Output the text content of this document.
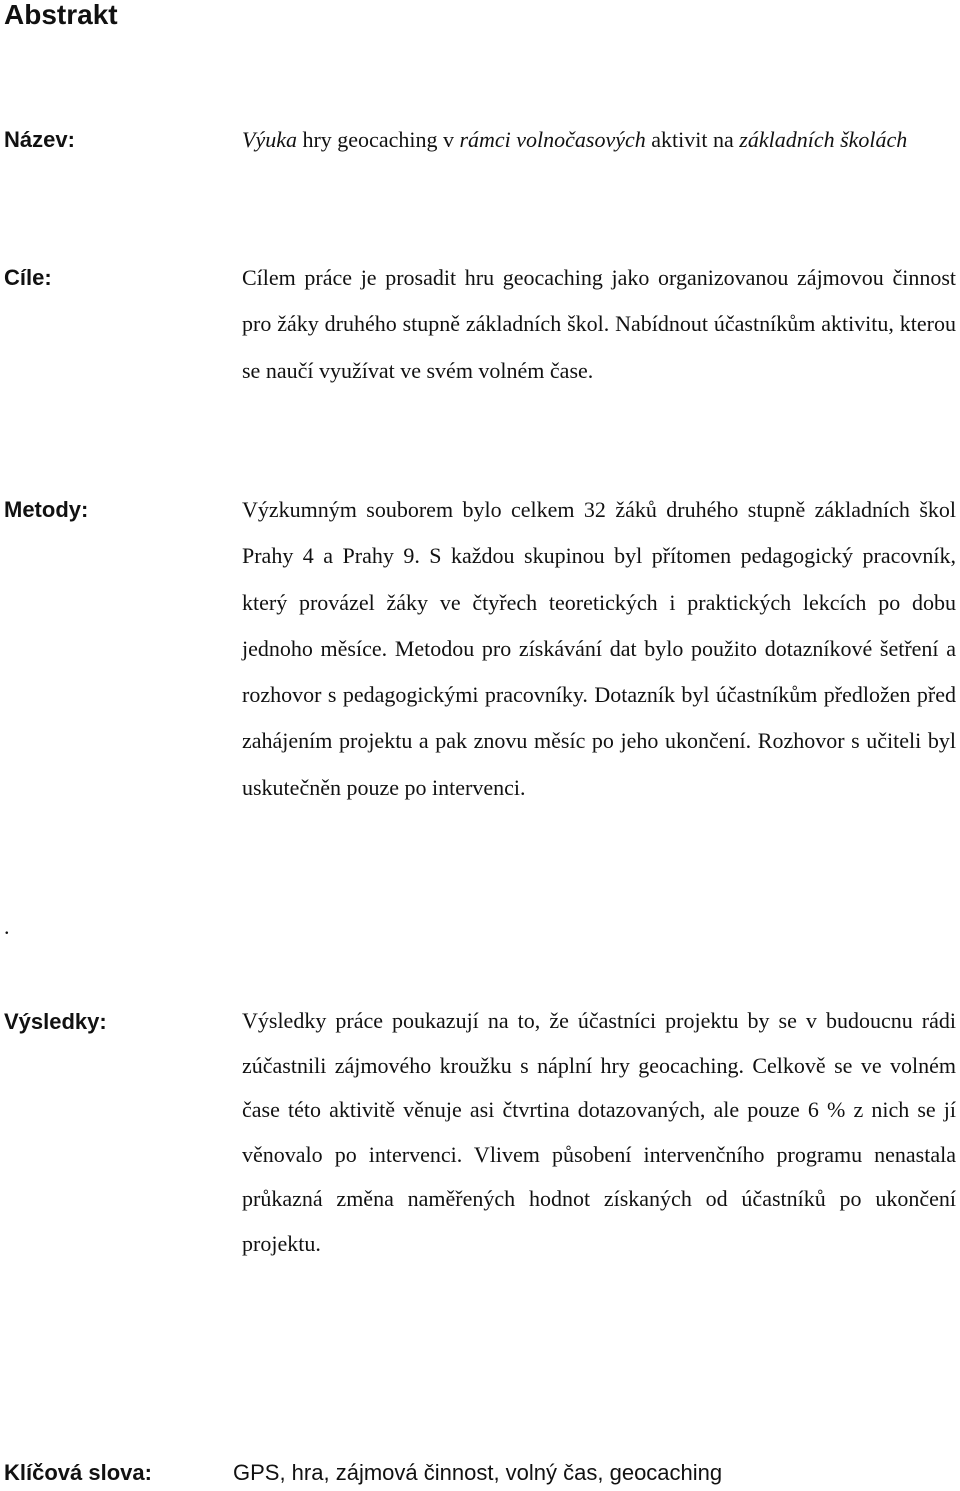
Abstrakt
Název:	Výuka hry geocaching v rámci volnočasových aktivit na základních školách

Cíle:	Cílem práce je prosadit hru geocaching jako organizovanou zájmovou činnost pro žáky druhého stupně základních škol. Nabídnout účastníkům aktivitu, kterou se naučí využívat ve svém volném čase.

Metody:	Výzkumným souborem bylo celkem 32 žáků druhého stupně základních škol Prahy 4 a Prahy 9. S každou skupinou byl přítomen pedagogický pracovník, který provázel žáky ve čtyřech teoretických i praktických lekcích po dobu jednoho měsíce. Metodou pro získávání dat bylo použito dotazníkové šetření a rozhovor s pedagogickými pracovníky. Dotazník byl účastníkům předložen před zahájením projektu a pak znovu měsíc po jeho ukončení. Rozhovor s učiteli byl uskutečněn pouze po intervenci.

.
Výsledky:	Výsledky práce poukazují na to, že účastníci projektu by se v budoucnu rádi zúčastnili zájmového kroužku s náplní hry geocaching. Celkově se ve volném čase této aktivitě věnuje asi čtvrtina dotazovaných, ale pouze 6 % z nich se jí věnovalo po intervenci. Vlivem působení intervenčního programu nenastala průkazná změna naměřených hodnot získaných od účastníků po ukončení projektu.

Klíčová slova:	GPS, hra, zájmová činnost, volný čas, geocaching
